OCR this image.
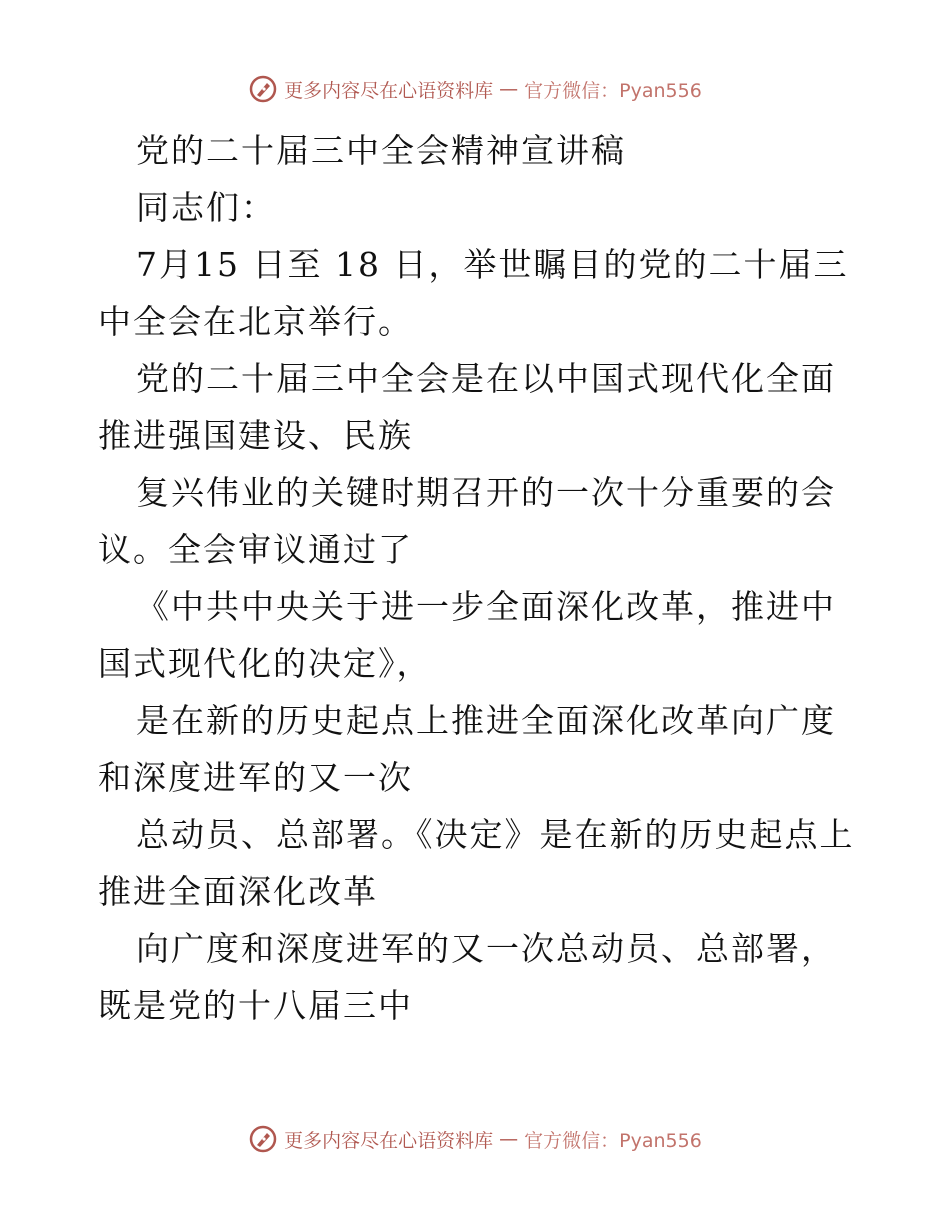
更多内容尽在心语资料库 — 官方微信：Pyan556

党的二十届三中全会精神宣讲稿

同志们：

7月15 日至 18 日，举世瞩目的党的二十届三中全会在北京举行。

党的二十届三中全会是在以中国式现代化全面推进强国建设、民族

复兴伟业的关键时期召开的一次十分重要的会议。全会审议通过了

《中共中央关于进一步全面深化改革，推进中国式现代化的决定》，

是在新的历史起点上推进全面深化改革向广度和深度进军的又一次

总动员、总部署。《决定》是在新的历史起点上推进全面深化改革

向广度和深度进军的又一次总动员、总部署，既是党的十八届三中

更多内容尽在心语资料库 — 官方微信：Pyan556
